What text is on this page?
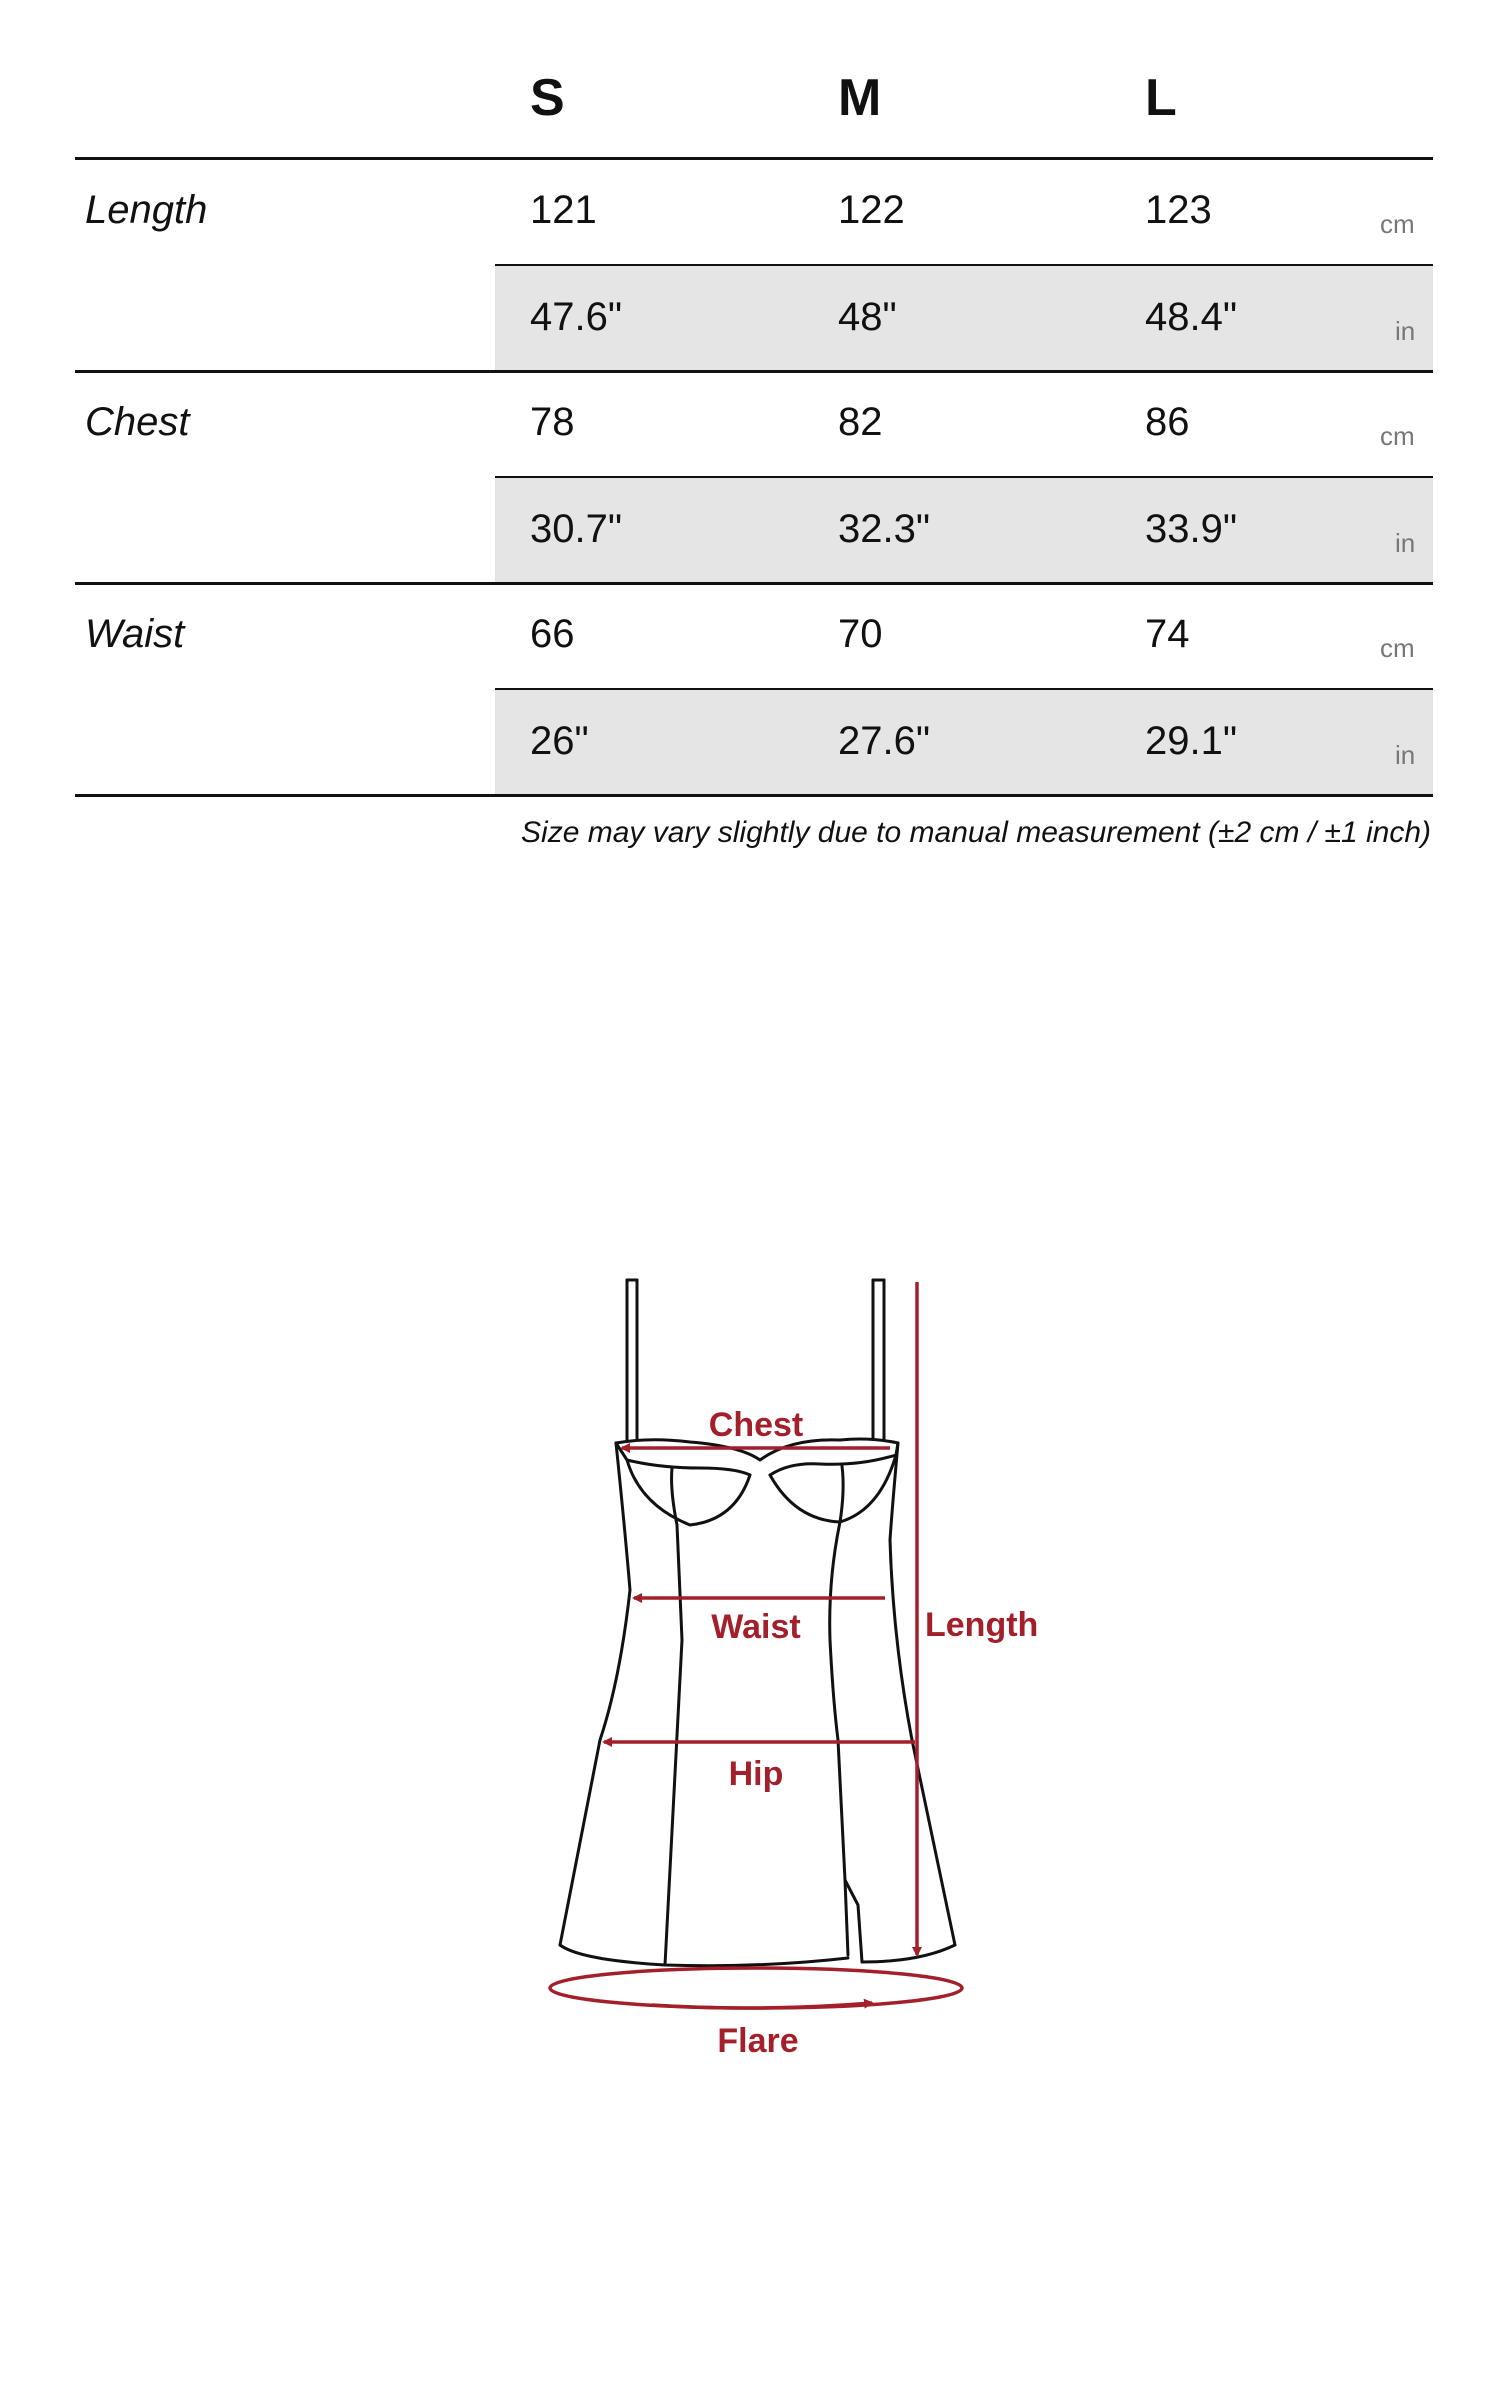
S	M	L
Length	121	122	123	cm
47.6"	48"	48.4"	in
Chest	78	82	86	cm
30.7"	32.3"	33.9"	in
Waist	66	70	74	cm
26"	27.6"	29.1"	in
Size may vary slightly due to manual measurement (±2 cm / ±1 inch)
Chest
Waist	Length
Hip
Flare
